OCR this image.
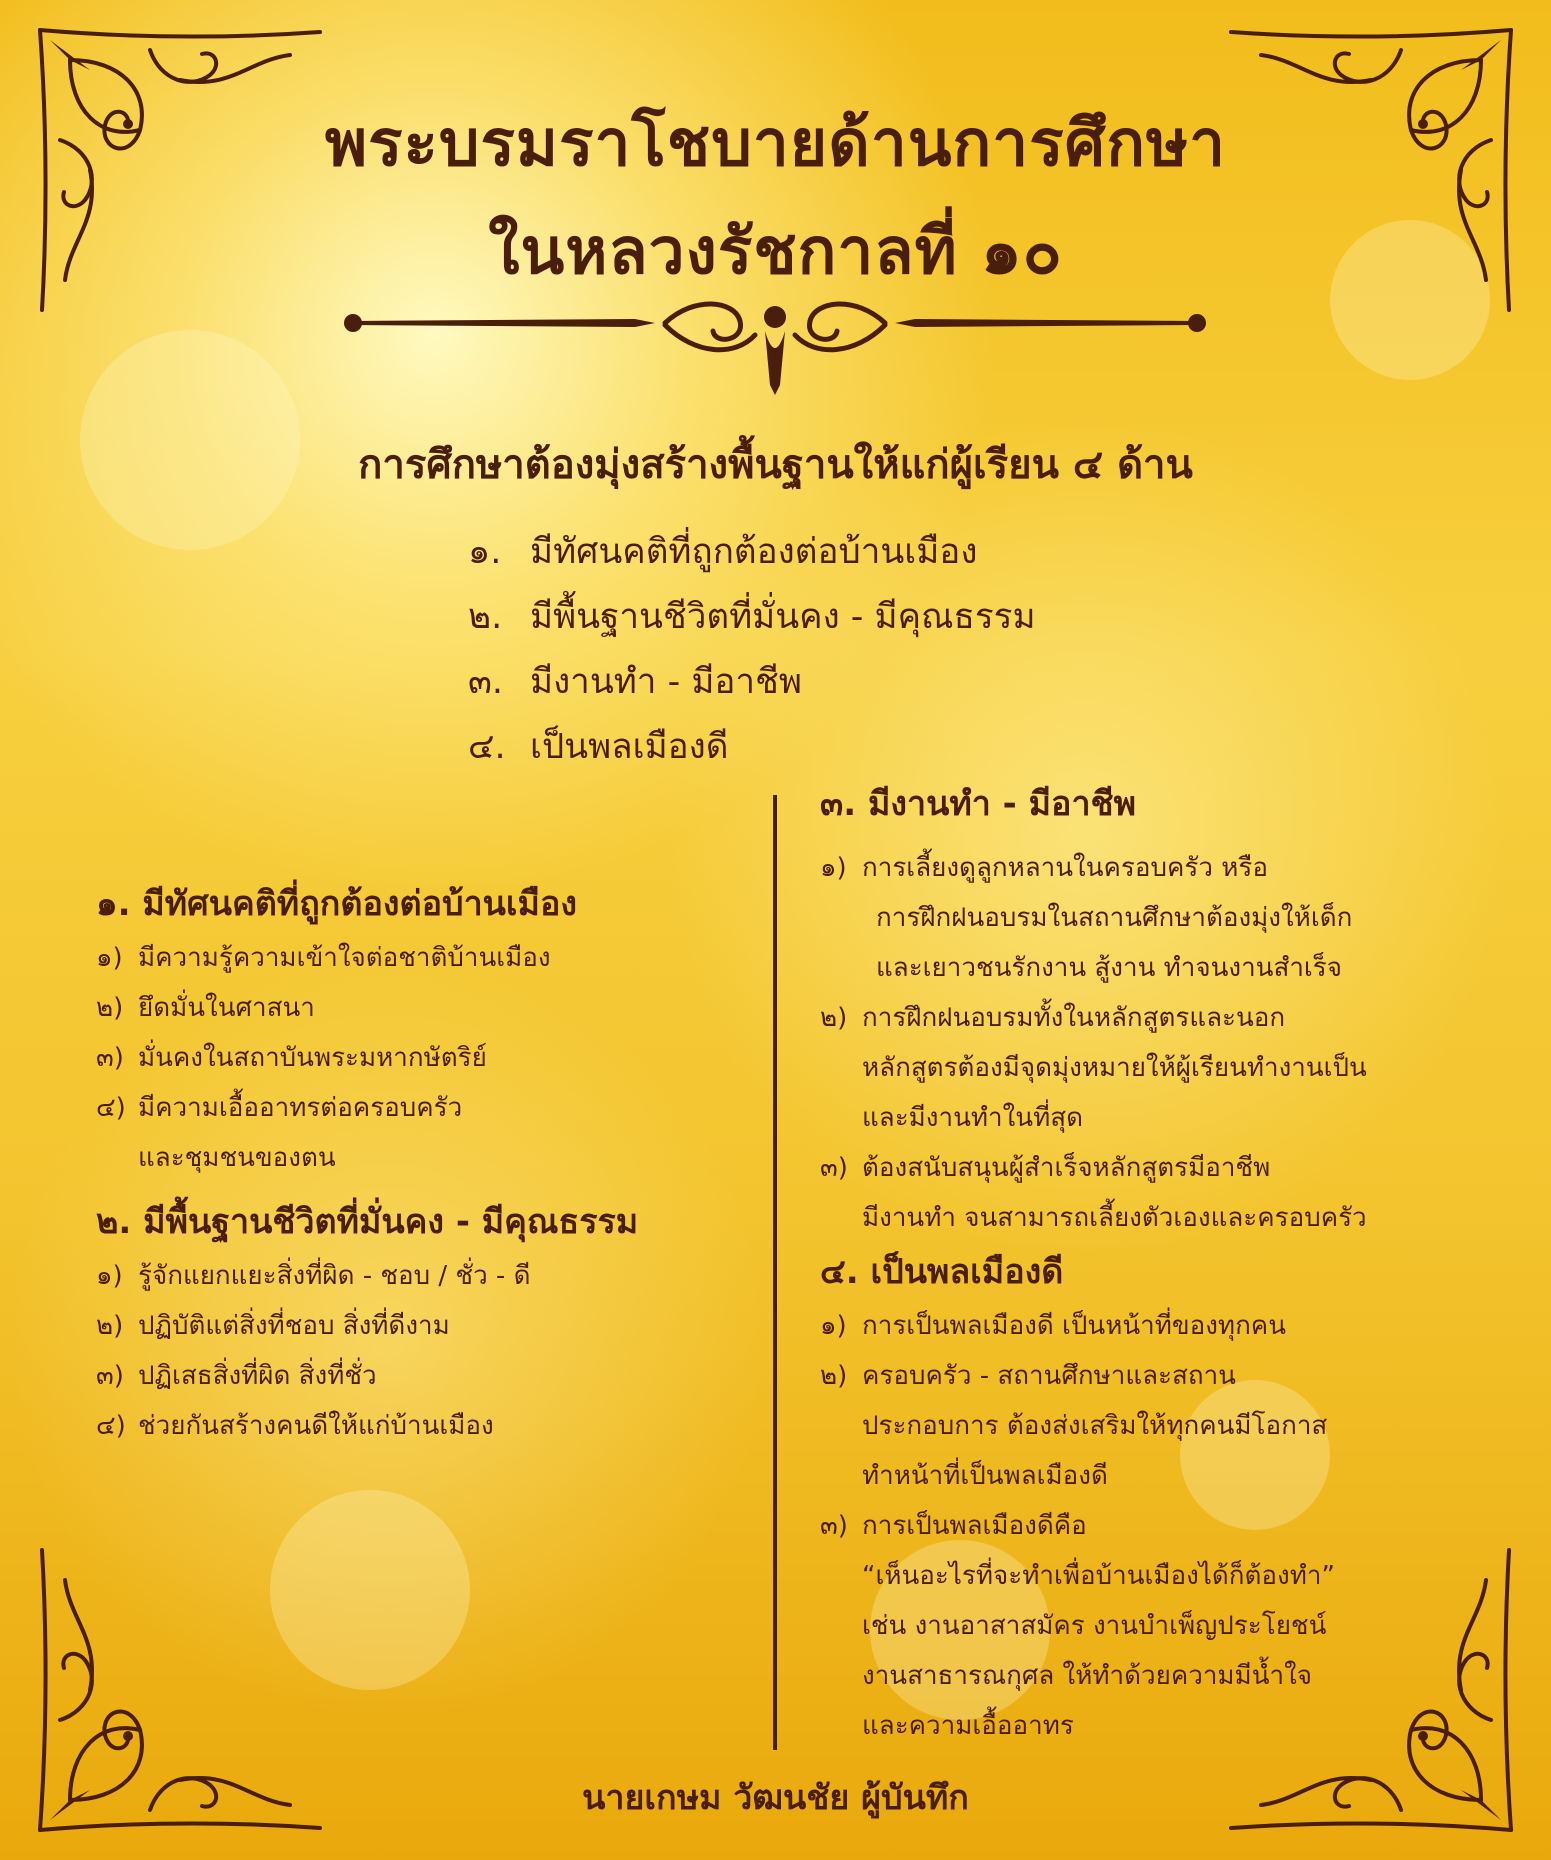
พระบรมราโชบายด้านการศึกษา
ในหลวงรัชกาลที่ ๑๐
การศึกษาต้องมุ่งสร้างพื้นฐานให้แก่ผู้เรียน ๔ ด้าน
๑. มีทัศนคติที่ถูกต้องต่อบ้านเมือง
๒. มีพื้นฐานชีวิตที่มั่นคง - มีคุณธรรม
๓. มีงานทำ - มีอาชีพ
๔. เป็นพลเมืองดี
๑. มีทัศนคติที่ถูกต้องต่อบ้านเมือง
๑) มีความรู้ความเข้าใจต่อชาติบ้านเมือง
๒) ยึดมั่นในศาสนา
๓) มั่นคงในสถาบันพระมหากษัตริย์
๔) มีความเอื้ออาทรต่อครอบครัว
และชุมชนของตน
๒. มีพื้นฐานชีวิตที่มั่นคง - มีคุณธรรม
๑) รู้จักแยกแยะสิ่งที่ผิด - ชอบ / ชั่ว - ดี
๒) ปฏิบัติแต่สิ่งที่ชอบ สิ่งที่ดีงาม
๓) ปฏิเสธสิ่งที่ผิด สิ่งที่ชั่ว
๔) ช่วยกันสร้างคนดีให้แก่บ้านเมือง
๓. มีงานทำ - มีอาชีพ
๑) การเลี้ยงดูลูกหลานในครอบครัว หรือ
การฝึกฝนอบรมในสถานศึกษาต้องมุ่งให้เด็ก
และเยาวชนรักงาน สู้งาน ทำจนงานสำเร็จ
๒) การฝึกฝนอบรมทั้งในหลักสูตรและนอก
หลักสูตรต้องมีจุดมุ่งหมายให้ผู้เรียนทำงานเป็น
และมีงานทำในที่สุด
๓) ต้องสนับสนุนผู้สำเร็จหลักสูตรมีอาชีพ
มีงานทำ จนสามารถเลี้ยงตัวเองและครอบครัว
๔. เป็นพลเมืองดี
๑) การเป็นพลเมืองดี เป็นหน้าที่ของทุกคน
๒) ครอบครัว - สถานศึกษาและสถาน
ประกอบการ ต้องส่งเสริมให้ทุกคนมีโอกาส
ทำหน้าที่เป็นพลเมืองดี
๓) การเป็นพลเมืองดีคือ
“เห็นอะไรที่จะทำเพื่อบ้านเมืองได้ก็ต้องทำ”
เช่น งานอาสาสมัคร งานบำเพ็ญประโยชน์
งานสาธารณกุศล ให้ทำด้วยความมีน้ำใจ
และความเอื้ออาทร
นายเกษม วัฒนชัย ผู้บันทึก
